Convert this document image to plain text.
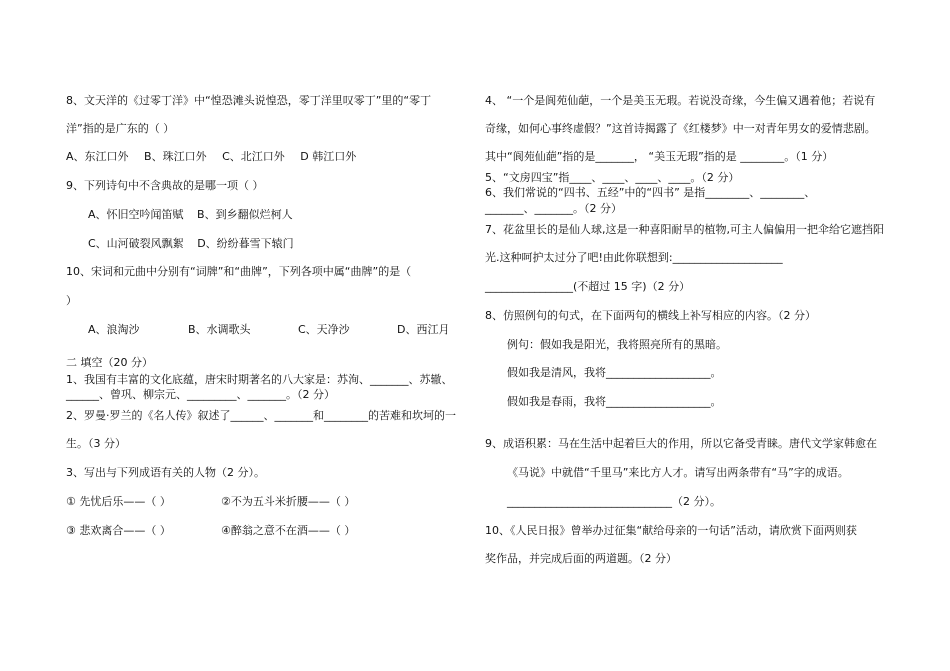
8、文天洋的《过零丁洋》中“惶恐滩头说惶恐，零丁洋里叹零丁”里的“零丁
洋”指的是广东的（ ）
A、东江口外 B、珠江口外 C、北江口外 D 韩江口外
9、下列诗句中不含典故的是哪一项（ ）
A、怀旧空吟闻笛赋 B、到乡翻似烂柯人
C、山河破裂风飘絮 D、纷纷暮雪下辕门
10、宋词和元曲中分别有“词牌”和“曲牌”，下列各项中属“曲牌”的是（
）
A、浪淘沙	B、水调歌头	C、天净沙	D、西江月
二 填空（20 分）
1、我国有丰富的文化底蕴，唐宋时期著名的八大家是：苏洵、_______、苏辙、
______、曾巩、柳宗元、_________、_______。（2 分）
2、罗曼·罗兰的《名人传》叙述了______、_______和________的苦难和坎坷的一
生。（3 分）
3、写出与下列成语有关的人物（2 分）。
① 先忧后乐——（ ）	②不为五斗米折腰——（ ）
③ 悲欢离合——（ ）	④醉翁之意不在酒——（ ）
4、 “一个是阆苑仙葩，一个是美玉无瑕。若说没奇缘，今生偏又遇着他；若说有
奇缘，如何心事终虚假？”这首诗揭露了《红楼梦》中一对青年男女的爱情悲剧。
其中“阆苑仙葩”指的是_______， “美玉无瑕”指的是 ________。（1 分）
5、“文房四宝”指____、____、____、____。（2 分）
6、我们常说的“四书、五经”中的“四书” 是指________、________、
_______、_______。（2 分）
7、花盆里长的是仙人球,这是一种喜阳耐旱的植物,可主人偏偏用一把伞给它遮挡阳
光.这种呵护太过分了吧!由此你联想到:____________________
________________(不超过 15 字)（2 分）
8、仿照例句的句式，在下面两句的横线上补写相应的内容。（2 分）
例句：假如我是阳光，我将照亮所有的黑暗。
假如我是清风，我将___________________。
假如我是春雨，我将___________________。
9、成语积累：马在生活中起着巨大的作用，所以它备受青睐。唐代文学家韩愈在
《马说》中就借“千里马”来比方人才。请写出两条带有“马”字的成语。
______________________________（2 分）。
10、《人民日报》曾举办过征集“献给母亲的一句话”活动，请欣赏下面两则获
奖作品，并完成后面的两道题。（2 分）
